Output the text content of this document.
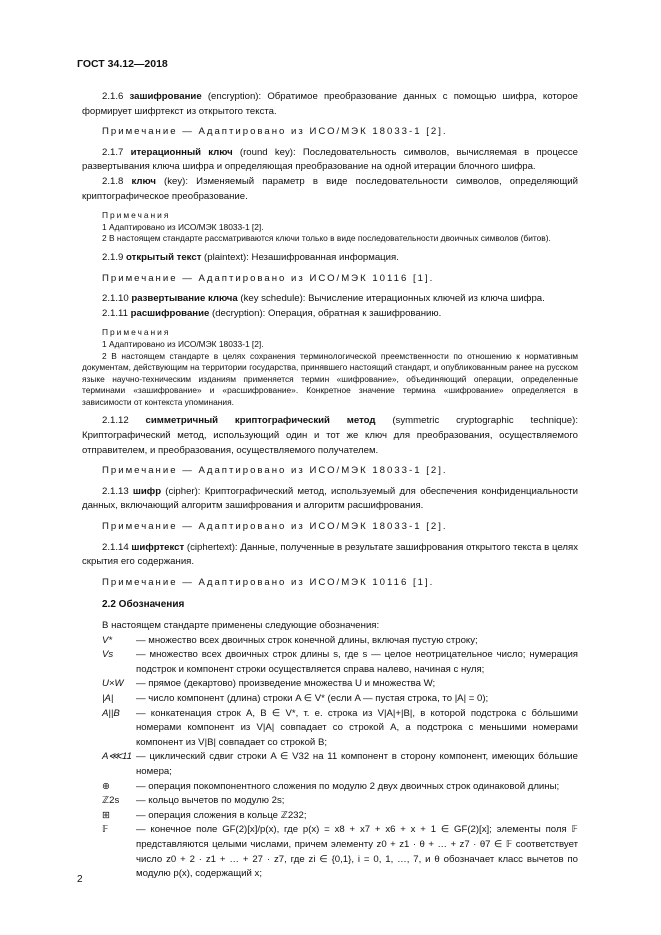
ГОСТ 34.12—2018

2.1.6 зашифрование (encryption): Обратимое преобразование данных с помощью шифра, которое формирует шифртекст из открытого текста.

Примечание — Адаптировано из ИСО/МЭК 18033-1 [2].

2.1.7 итерационный ключ (round key): Последовательность символов, вычисляемая в процессе развертывания ключа шифра и определяющая преобразование на одной итерации блочного шифра.

2.1.8 ключ (key): Изменяемый параметр в виде последовательности символов, определяющий криптографическое преобразование.

Примечания

1 Адаптировано из ИСО/МЭК 18033-1 [2].

2 В настоящем стандарте рассматриваются ключи только в виде последовательности двоичных символов (битов).

2.1.9 открытый текст (plaintext): Незашифрованная информация.

Примечание — Адаптировано из ИСО/МЭК 10116 [1].

2.1.10 развертывание ключа (key schedule): Вычисление итерационных ключей из ключа шифра.

2.1.11 расшифрование (decryption): Операция, обратная к зашифрованию.

Примечания

1 Адаптировано из ИСО/МЭК 18033-1 [2].

2 В настоящем стандарте в целях сохранения терминологической преемственности по отношению к нормативным документам, действующим на территории государства, принявшего настоящий стандарт, и опубликованным ранее на русском языке научно-техническим изданиям применяется термин «шифрование», объединяющий операции, определенные терминами «зашифрование» и «расшифрование». Конкретное значение термина «шифрование» определяется в зависимости от контекста упоминания.

2.1.12 симметричный криптографический метод (symmetric cryptographic technique): Криптографический метод, использующий один и тот же ключ для преобразования, осуществляемого отправителем, и преобразования, осуществляемого получателем.

Примечание — Адаптировано из ИСО/МЭК 18033-1 [2].

2.1.13 шифр (cipher): Криптографический метод, используемый для обеспечения конфиденциальности данных, включающий алгоритм зашифрования и алгоритм расшифрования.

Примечание — Адаптировано из ИСО/МЭК 18033-1 [2].

2.1.14 шифртекст (ciphertext): Данные, полученные в результате зашифрования открытого текста в целях скрытия его содержания.

Примечание — Адаптировано из ИСО/МЭК 10116 [1].

2.2 Обозначения

В настоящем стандарте применены следующие обозначения:

V*	— множество всех двоичных строк конечной длины, включая пустую строку;
Vs	— множество всех двоичных строк длины s, где s — целое неотрицательное число; нумерация подстрок и компонент строки осуществляется справа налево, начиная с нуля;
U×W	— прямое (декартово) произведение множества U и множества W;
|A|	— число компонент (длина) строки A ∈ V* (если A — пустая строка, то |A| = 0);
A||B	— конкатенация строк A, B ∈ V*, т. е. строка из V|A|+|B|, в которой подстрока с бóльшими номерами компонент из V|A| совпадает со строкой A, а подстрока с меньшими номерами компонент из V|B| совпадает со строкой B;
A⋘11 — циклический сдвиг строки A ∈ V32 на 11 компонент в сторону компонент, имеющих бóльшие номера;
⊕	— операция покомпонентного сложения по модулю 2 двух двоичных строк одинаковой длины;
ℤ2s	— кольцо вычетов по модулю 2s;
⊞	— операция сложения в кольце ℤ232;
𝔽	— конечное поле GF(2)[x]/p(x), где p(x) = x8 + x7 + x6 + x + 1 ∈ GF(2)[x]; элементы поля 𝔽 представляются целыми числами, причем элементу z0 + z1 · θ + … + z7 · θ7 ∈ 𝔽 соответствует число z0 + 2 · z1 + … + 27 · z7, где zi ∈ {0,1}, i = 0, 1, …, 7, и θ обозначает класс вычетов по модулю p(x), содержащий x;
2
